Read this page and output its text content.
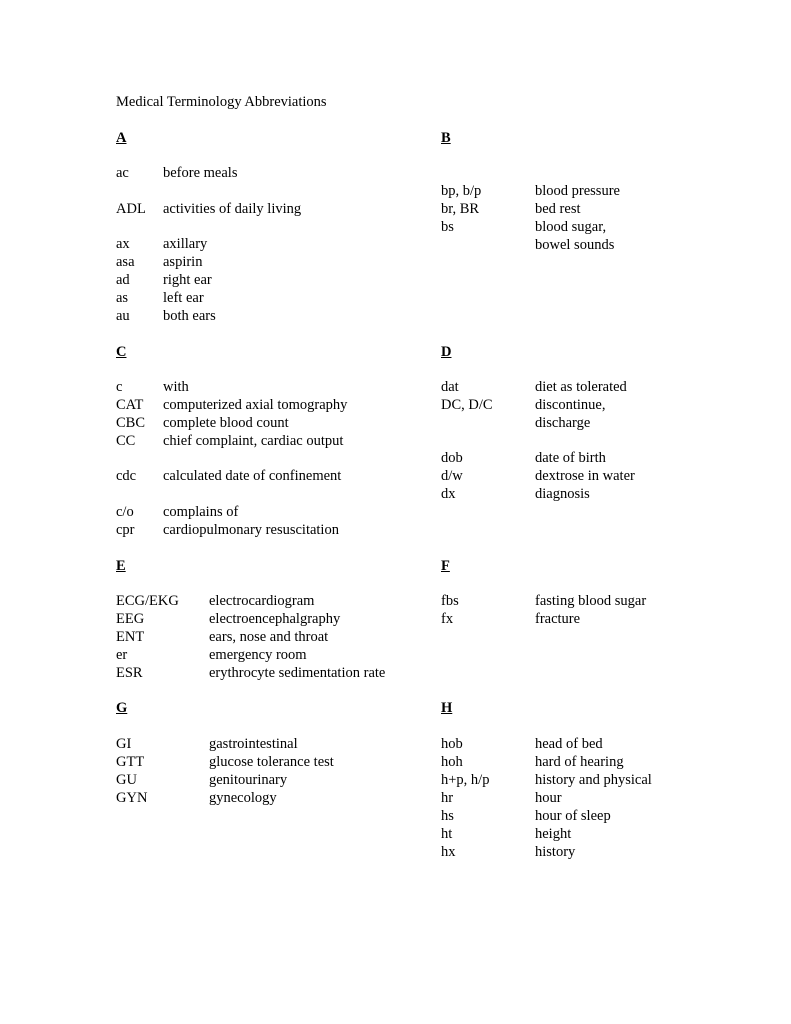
Medical Terminology Abbreviations
A
ac before meals
ADL activities of daily living
ax axillary
asa aspirin
ad right ear
as left ear
au both ears
B
bp, b/p	blood pressure
br, BR	bed rest
bs	blood sugar,
bowel sounds
C
c	with
CAT computerized axial tomography
CBC complete blood count
CC chief complaint, cardiac output
cdc calculated date of confinement
c/o complains of
cpr cardiopulmonary resuscitation
D
dat	diet as tolerated
DC, D/C	discontinue,
discharge
dob	date of birth
d/w	dextrose in water
dx	diagnosis
E
ECG/EKG electrocardiogram
EEG	electroencephalgraphy
ENT	ears, nose and throat
er	emergency room
ESR	erythrocyte sedimentation rate
F
fbs	fasting blood sugar
fx	fracture
G
GI	gastrointestinal
GTT	glucose tolerance test
GU	genitourinary
GYN	gynecology
H
hob	head of bed
hoh	hard of hearing
h+p, h/p	history and physical
hr	hour
hs	hour of sleep
ht	height
hx	history
